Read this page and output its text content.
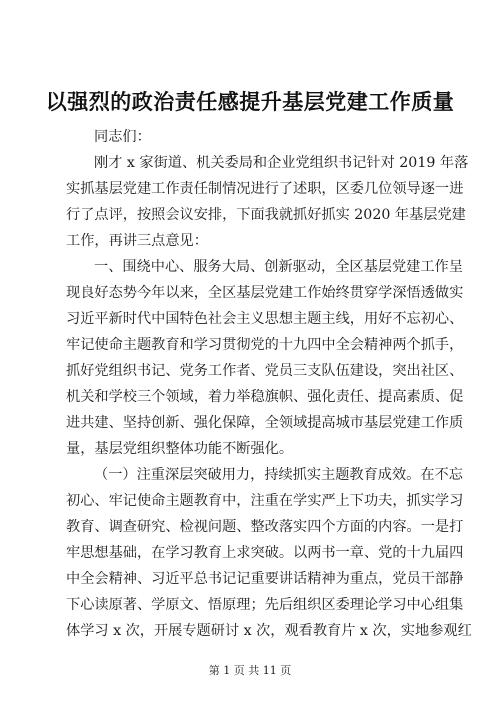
以强烈的政治责任感提升基层党建工作质量
同志们：
刚才 x 家街道、机关委局和企业党组织书记针对 2019 年落
实抓基层党建工作责任制情况进行了述职，区委几位领导逐一进
行了点评，按照会议安排，下面我就抓好抓实 2020 年基层党建
工作，再讲三点意见：
一、围绕中心、服务大局、创新驱动，全区基层党建工作呈
现良好态势今年以来，全区基层党建工作始终贯穿学深悟透做实
习近平新时代中国特色社会主义思想主题主线，用好不忘初心、
牢记使命主题教育和学习贯彻党的十九四中全会精神两个抓手，
抓好党组织书记、党务工作者、党员三支队伍建设，突出社区、
机关和学校三个领域，着力举稳旗帜、强化责任、提高素质、促
进共建、坚持创新、强化保障，全领域提高城市基层党建工作质
量，基层党组织整体功能不断强化。
（一）注重深层突破用力，持续抓实主题教育成效。在不忘
初心、牢记使命主题教育中，注重在学实严上下功夫，抓实学习
教育、调查研究、检视问题、整改落实四个方面的内容。一是打
牢思想基础，在学习教育上求突破。以两书一章、党的十九届四
中全会精神、习近平总书记记重要讲话精神为重点，党员干部静
下心读原著、学原文、悟原理；先后组织区委理论学习中心组集
体学习 x 次，开展专题研讨 x 次，观看教育片 x 次，实地参观红
第 1 页 共 11 页
